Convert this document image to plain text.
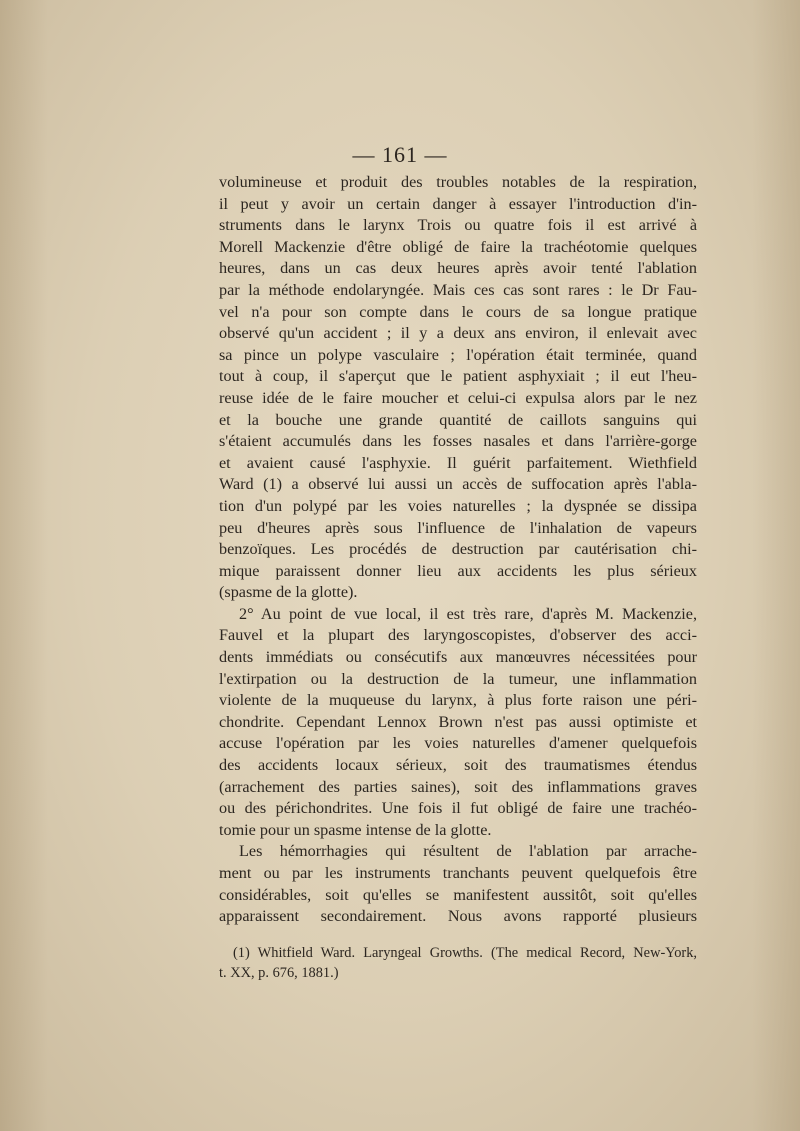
— 161 —
volumineuse et produit des troubles notables de la respiration,
il peut y avoir un certain danger à essayer l'introduction d'in-
struments dans le larynx Trois ou quatre fois il est arrivé à
Morell Mackenzie d'être obligé de faire la trachéotomie quelques
heures, dans un cas deux heures après avoir tenté l'ablation
par la méthode endolaryngée. Mais ces cas sont rares : le Dr Fau-
vel n'a pour son compte dans le cours de sa longue pratique
observé qu'un accident ; il y a deux ans environ, il enlevait avec
sa pince un polype vasculaire ; l'opération était terminée, quand
tout à coup, il s'aperçut que le patient asphyxiait ; il eut l'heu-
reuse idée de le faire moucher et celui-ci expulsa alors par le nez
et la bouche une grande quantité de caillots sanguins qui
s'étaient accumulés dans les fosses nasales et dans l'arrière-gorge
et avaient causé l'asphyxie. Il guérit parfaitement. Wiethfield
Ward (1) a observé lui aussi un accès de suffocation après l'abla-
tion d'un polypé par les voies naturelles ; la dyspnée se dissipa
peu d'heures après sous l'influence de l'inhalation de vapeurs
benzoïques. Les procédés de destruction par cautérisation chi-
mique paraissent donner lieu aux accidents les plus sérieux
(spasme de la glotte).
2° Au point de vue local, il est très rare, d'après M. Mackenzie,
Fauvel et la plupart des laryngoscopistes, d'observer des acci-
dents immédiats ou consécutifs aux manœuvres nécessitées pour
l'extirpation ou la destruction de la tumeur, une inflammation
violente de la muqueuse du larynx, à plus forte raison une péri-
chondrite. Cependant Lennox Brown n'est pas aussi optimiste et
accuse l'opération par les voies naturelles d'amener quelquefois
des accidents locaux sérieux, soit des traumatismes étendus
(arrachement des parties saines), soit des inflammations graves
ou des périchondrites. Une fois il fut obligé de faire une trachéo-
tomie pour un spasme intense de la glotte.
Les hémorrhagies qui résultent de l'ablation par arrache-
ment ou par les instruments tranchants peuvent quelquefois être
considérables, soit qu'elles se manifestent aussitôt, soit qu'elles
apparaissent secondairement. Nous avons rapporté plusieurs
(1) Whitfield Ward. Laryngeal Growths. (The medical Record, New-York,
t. XX, p. 676, 1881.)
